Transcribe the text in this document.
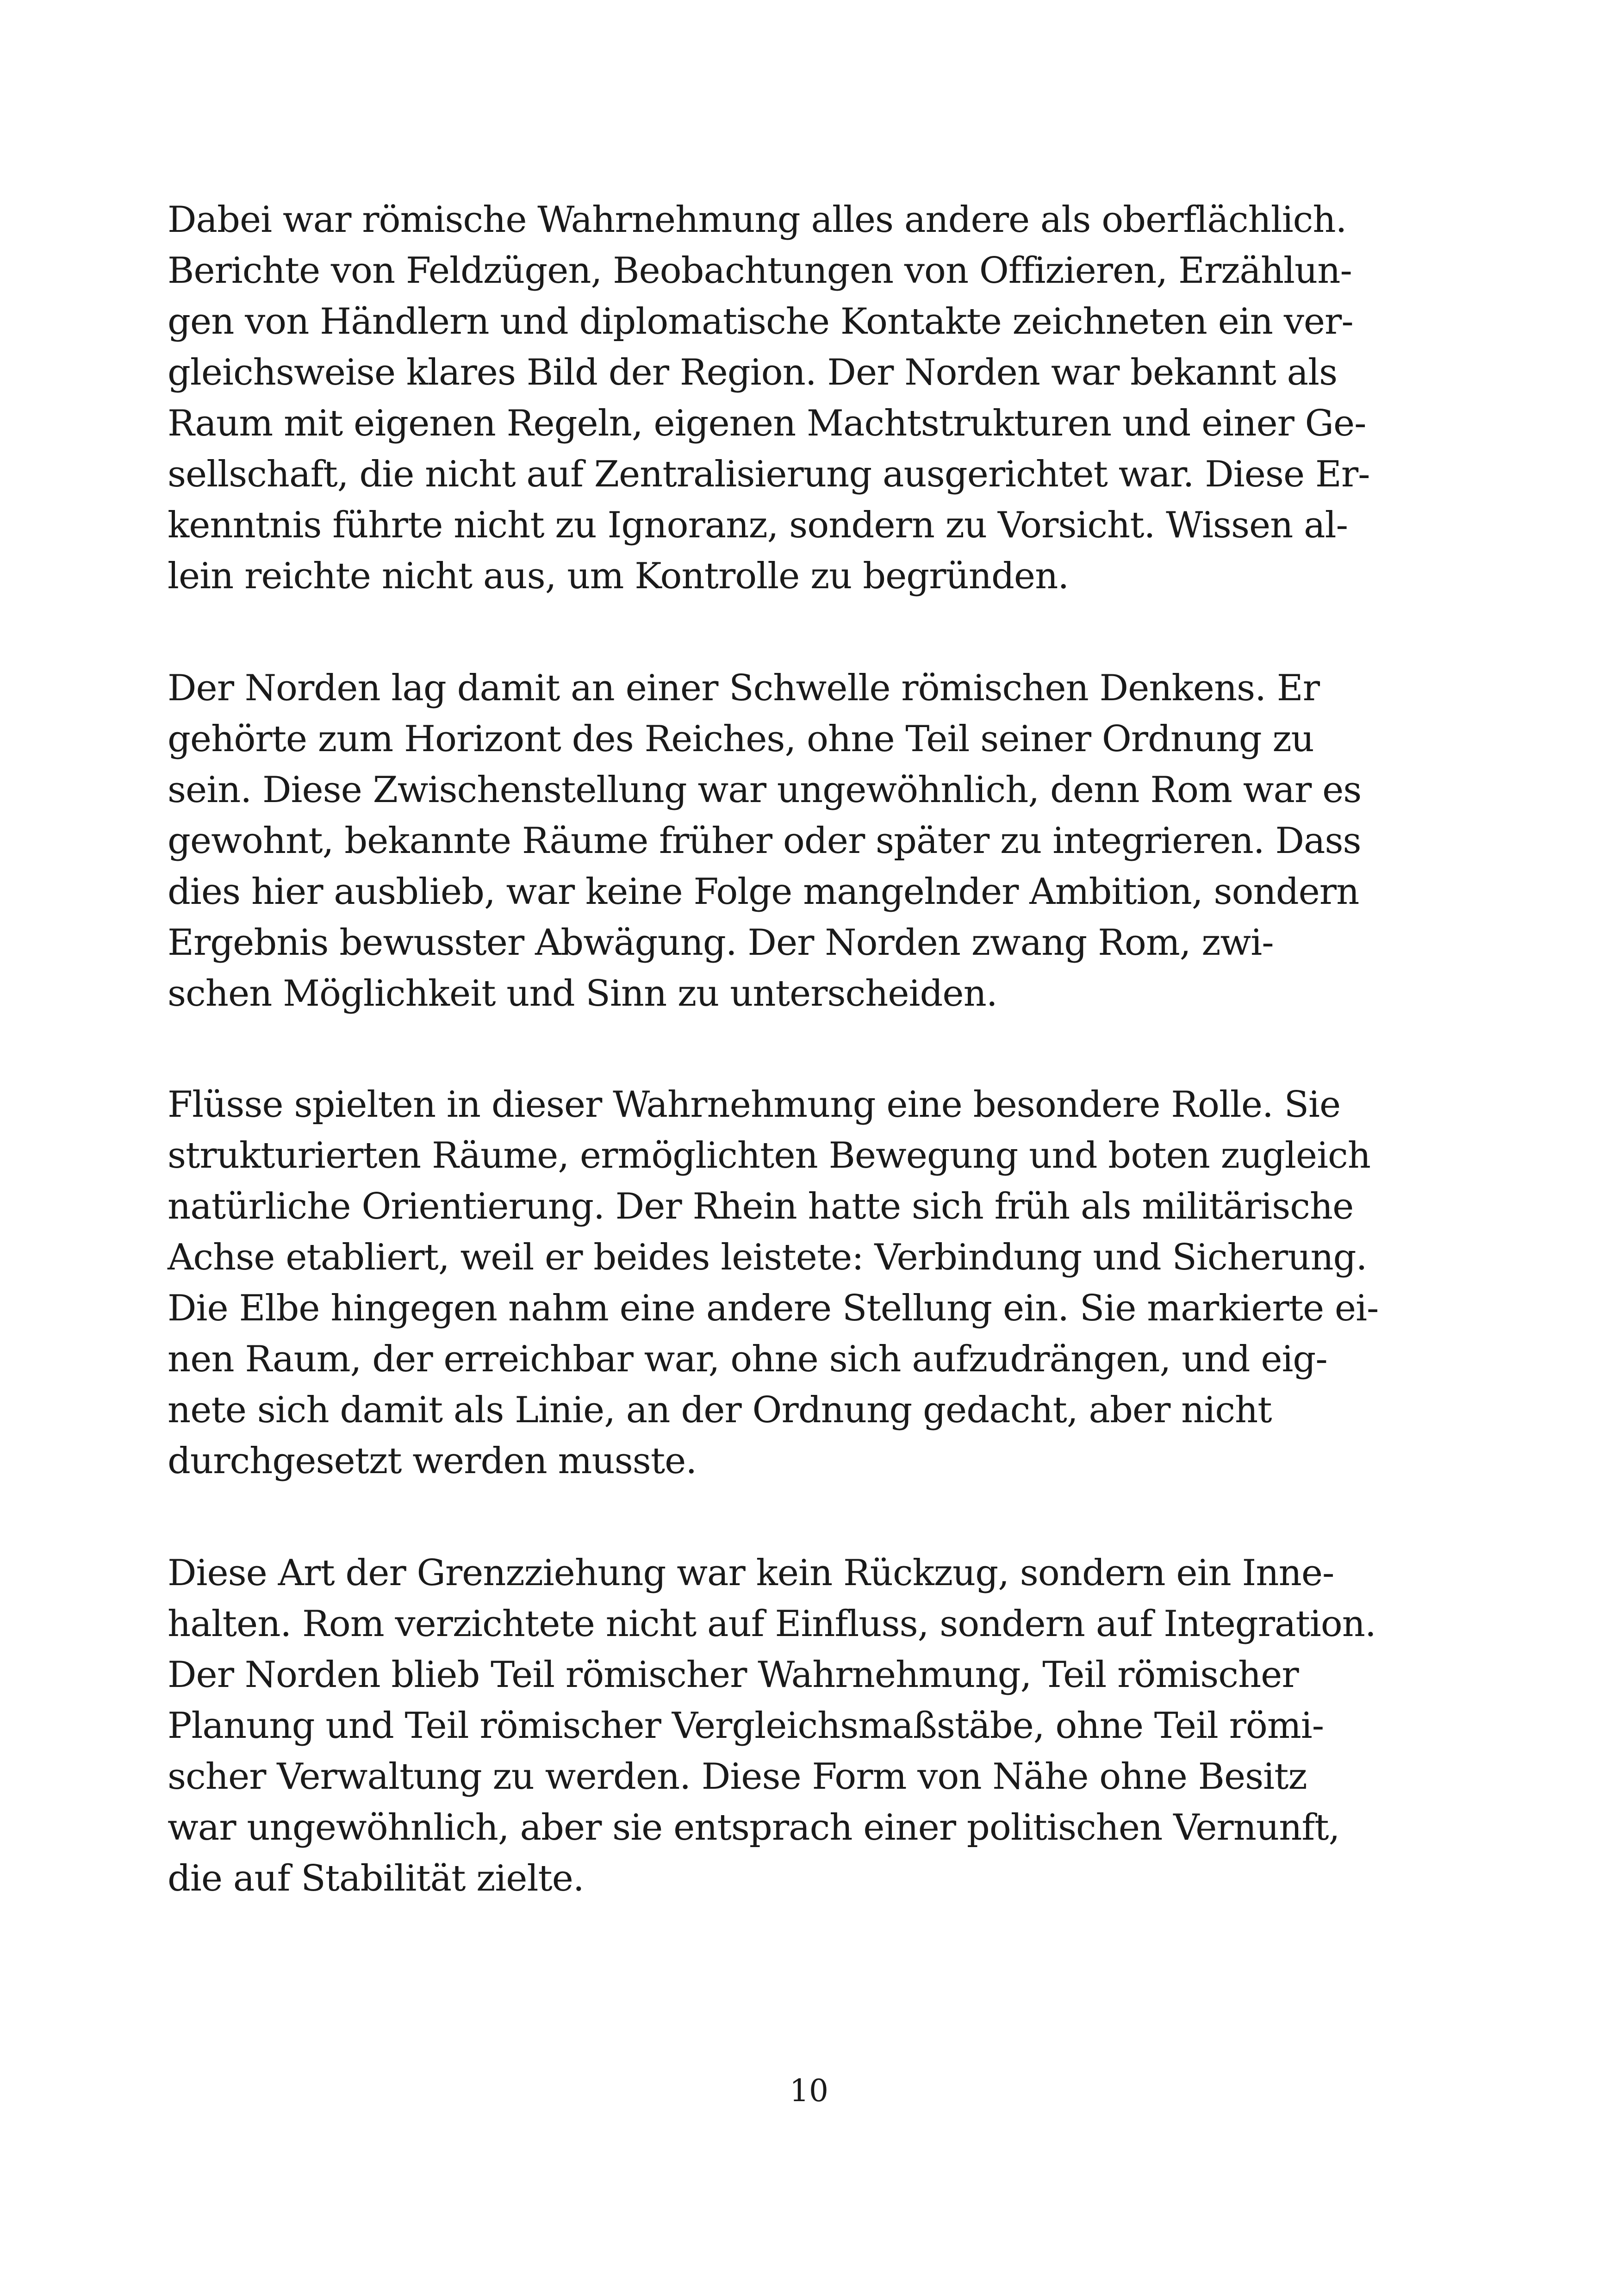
Dabei war römische Wahrnehmung alles andere als oberflächlich.
Berichte von Feldzügen, Beobachtungen von Offizieren, Erzählun-
gen von Händlern und diplomatische Kontakte zeichneten ein ver-
gleichsweise klares Bild der Region. Der Norden war bekannt als
Raum mit eigenen Regeln, eigenen Machtstrukturen und einer Ge-
sellschaft, die nicht auf Zentralisierung ausgerichtet war. Diese Er-
kenntnis führte nicht zu Ignoranz, sondern zu Vorsicht. Wissen al-
lein reichte nicht aus, um Kontrolle zu begründen.

Der Norden lag damit an einer Schwelle römischen Denkens. Er
gehörte zum Horizont des Reiches, ohne Teil seiner Ordnung zu
sein. Diese Zwischenstellung war ungewöhnlich, denn Rom war es
gewohnt, bekannte Räume früher oder später zu integrieren. Dass
dies hier ausblieb, war keine Folge mangelnder Ambition, sondern
Ergebnis bewusster Abwägung. Der Norden zwang Rom, zwi-
schen Möglichkeit und Sinn zu unterscheiden.

Flüsse spielten in dieser Wahrnehmung eine besondere Rolle. Sie
strukturierten Räume, ermöglichten Bewegung und boten zugleich
natürliche Orientierung. Der Rhein hatte sich früh als militärische
Achse etabliert, weil er beides leistete: Verbindung und Sicherung.
Die Elbe hingegen nahm eine andere Stellung ein. Sie markierte ei-
nen Raum, der erreichbar war, ohne sich aufzudrängen, und eig-
nete sich damit als Linie, an der Ordnung gedacht, aber nicht
durchgesetzt werden musste.

Diese Art der Grenzziehung war kein Rückzug, sondern ein Inne-
halten. Rom verzichtete nicht auf Einfluss, sondern auf Integration.
Der Norden blieb Teil römischer Wahrnehmung, Teil römischer
Planung und Teil römischer Vergleichsmaßstäbe, ohne Teil römi-
scher Verwaltung zu werden. Diese Form von Nähe ohne Besitz
war ungewöhnlich, aber sie entsprach einer politischen Vernunft,
die auf Stabilität zielte.

10
